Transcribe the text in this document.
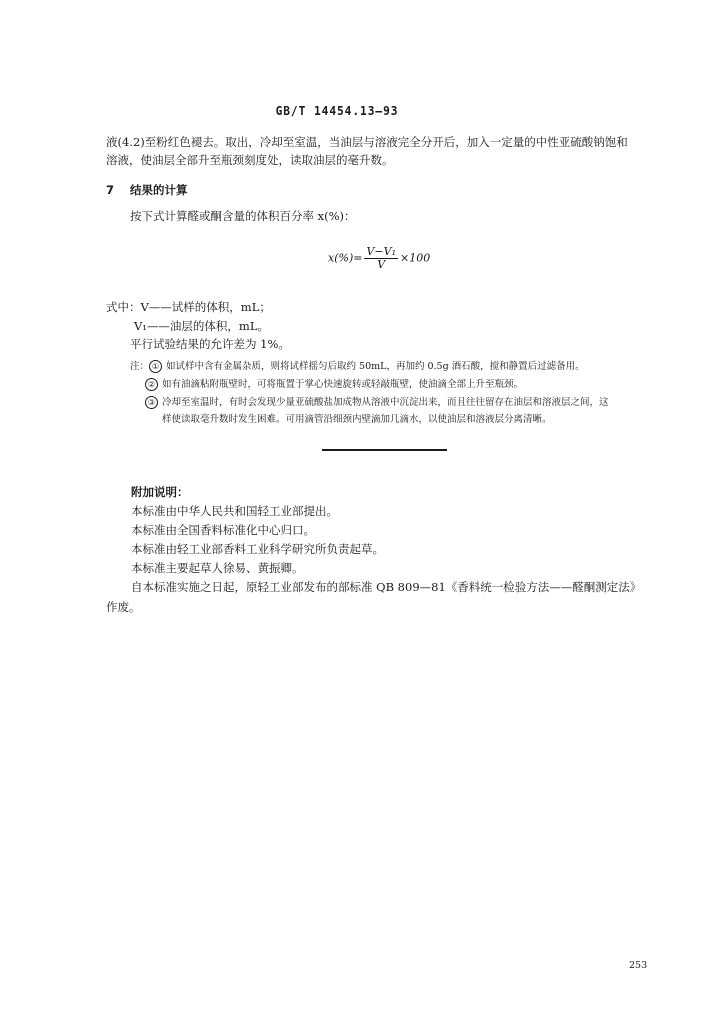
GB/T 14454.13—93
液(4.2)至粉红色褪去。取出，冷却至室温，当油层与溶液完全分开后，加入一定量的中性亚硫酸钠饱和
溶液，使油层全部升至瓶颈刻度处，读取油层的毫升数。
7 结果的计算
按下式计算醛或酮含量的体积百分率 x(%)：
$x(\%)= \frac{\text{V−V₁}}{V} \times 100$
式中：V——试样的体积，mL；
V₁——油层的体积，mL。
平行试验结果的允许差为 1%。
注： ① 如试样中含有金属杂质，则将试样摇匀后取约 50mL，再加约 0.5g 酒石酸，搅和静置后过滤备用。
② 如有油滴粘附瓶壁时，可将瓶置于掌心快速旋转或轻敲瓶壁，使油滴全部上升至瓶颈。
③ 冷却至室温时，有时会发现少量亚硫酸盐加成物从溶液中沉淀出来，而且往往留存在油层和溶液层之间，这
样使读取毫升数时发生困难。可用滴管沿细颈内壁滴加几滴水，以使油层和溶液层分离清晰。
附加说明：
本标准由中华人民共和国轻工业部提出。
本标准由全国香料标准化中心归口。
本标准由轻工业部香料工业科学研究所负责起草。
本标准主要起草人徐易、黄振卿。
自本标准实施之日起，原轻工业部发布的部标准 QB 809—81《香料统一检验方法——醛酮测定法》
作废。
253
